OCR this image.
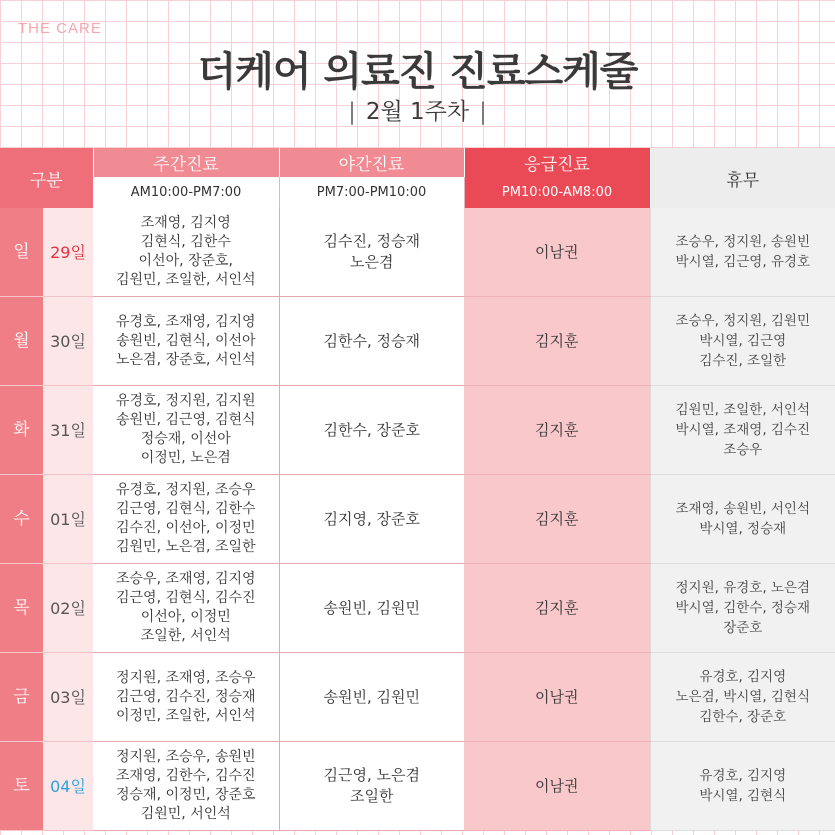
THE CARE
더케어 의료진 진료스케줄
| 2월 1주차 |
구분		주간진료	야간진료	응급진료	휴무
		AM10:00-PM7:00	PM7:00-PM10:00	PM10:00-AM8:00	
일	29일	조재영, 김지영
김현식, 김한수
이선아, 장준호,
김원민, 조일한, 서인석	김수진, 정승재
노은겸	이남권	조승우, 정지원, 송원빈
박시열, 김근영, 유경호
월	30일	유경호, 조재영, 김지영
송원빈, 김현식, 이선아
노은겸, 장준호, 서인석	김한수, 정승재	김지훈	조승우, 정지원, 김원민
박시열, 김근영
김수진, 조일한
화	31일	유경호, 정지원, 김지원
송원빈, 김근영, 김현식
정승재, 이선아
이정민, 노은겸	김한수, 장준호	김지훈	김원민, 조일한, 서인석
박시열, 조재영, 김수진
조승우
수	01일	유경호, 정지원, 조승우
김근영, 김현식, 김한수
김수진, 이선아, 이정민
김원민, 노은겸, 조일한	김지영, 장준호	김지훈	조재영, 송원빈, 서인석
박시열, 정승재
목	02일	조승우, 조재영, 김지영
김근영, 김현식, 김수진
이선아, 이정민
조일한, 서인석	송원빈, 김원민	김지훈	정지원, 유경호, 노은겸
박시열, 김한수, 정승재
장준호
금	03일	정지원, 조재영, 조승우
김근영, 김수진, 정승재
이정민, 조일한, 서인석	송원빈, 김원민	이남권	유경호, 김지영
노은겸, 박시열, 김현식
김한수, 장준호
토	04일	정지원, 조승우, 송원빈
조재영, 김한수, 김수진
정승재, 이정민, 장준호
김원민, 서인석	김근영, 노은겸
조일한	이남권	유경호, 김지영
박시열, 김현식
